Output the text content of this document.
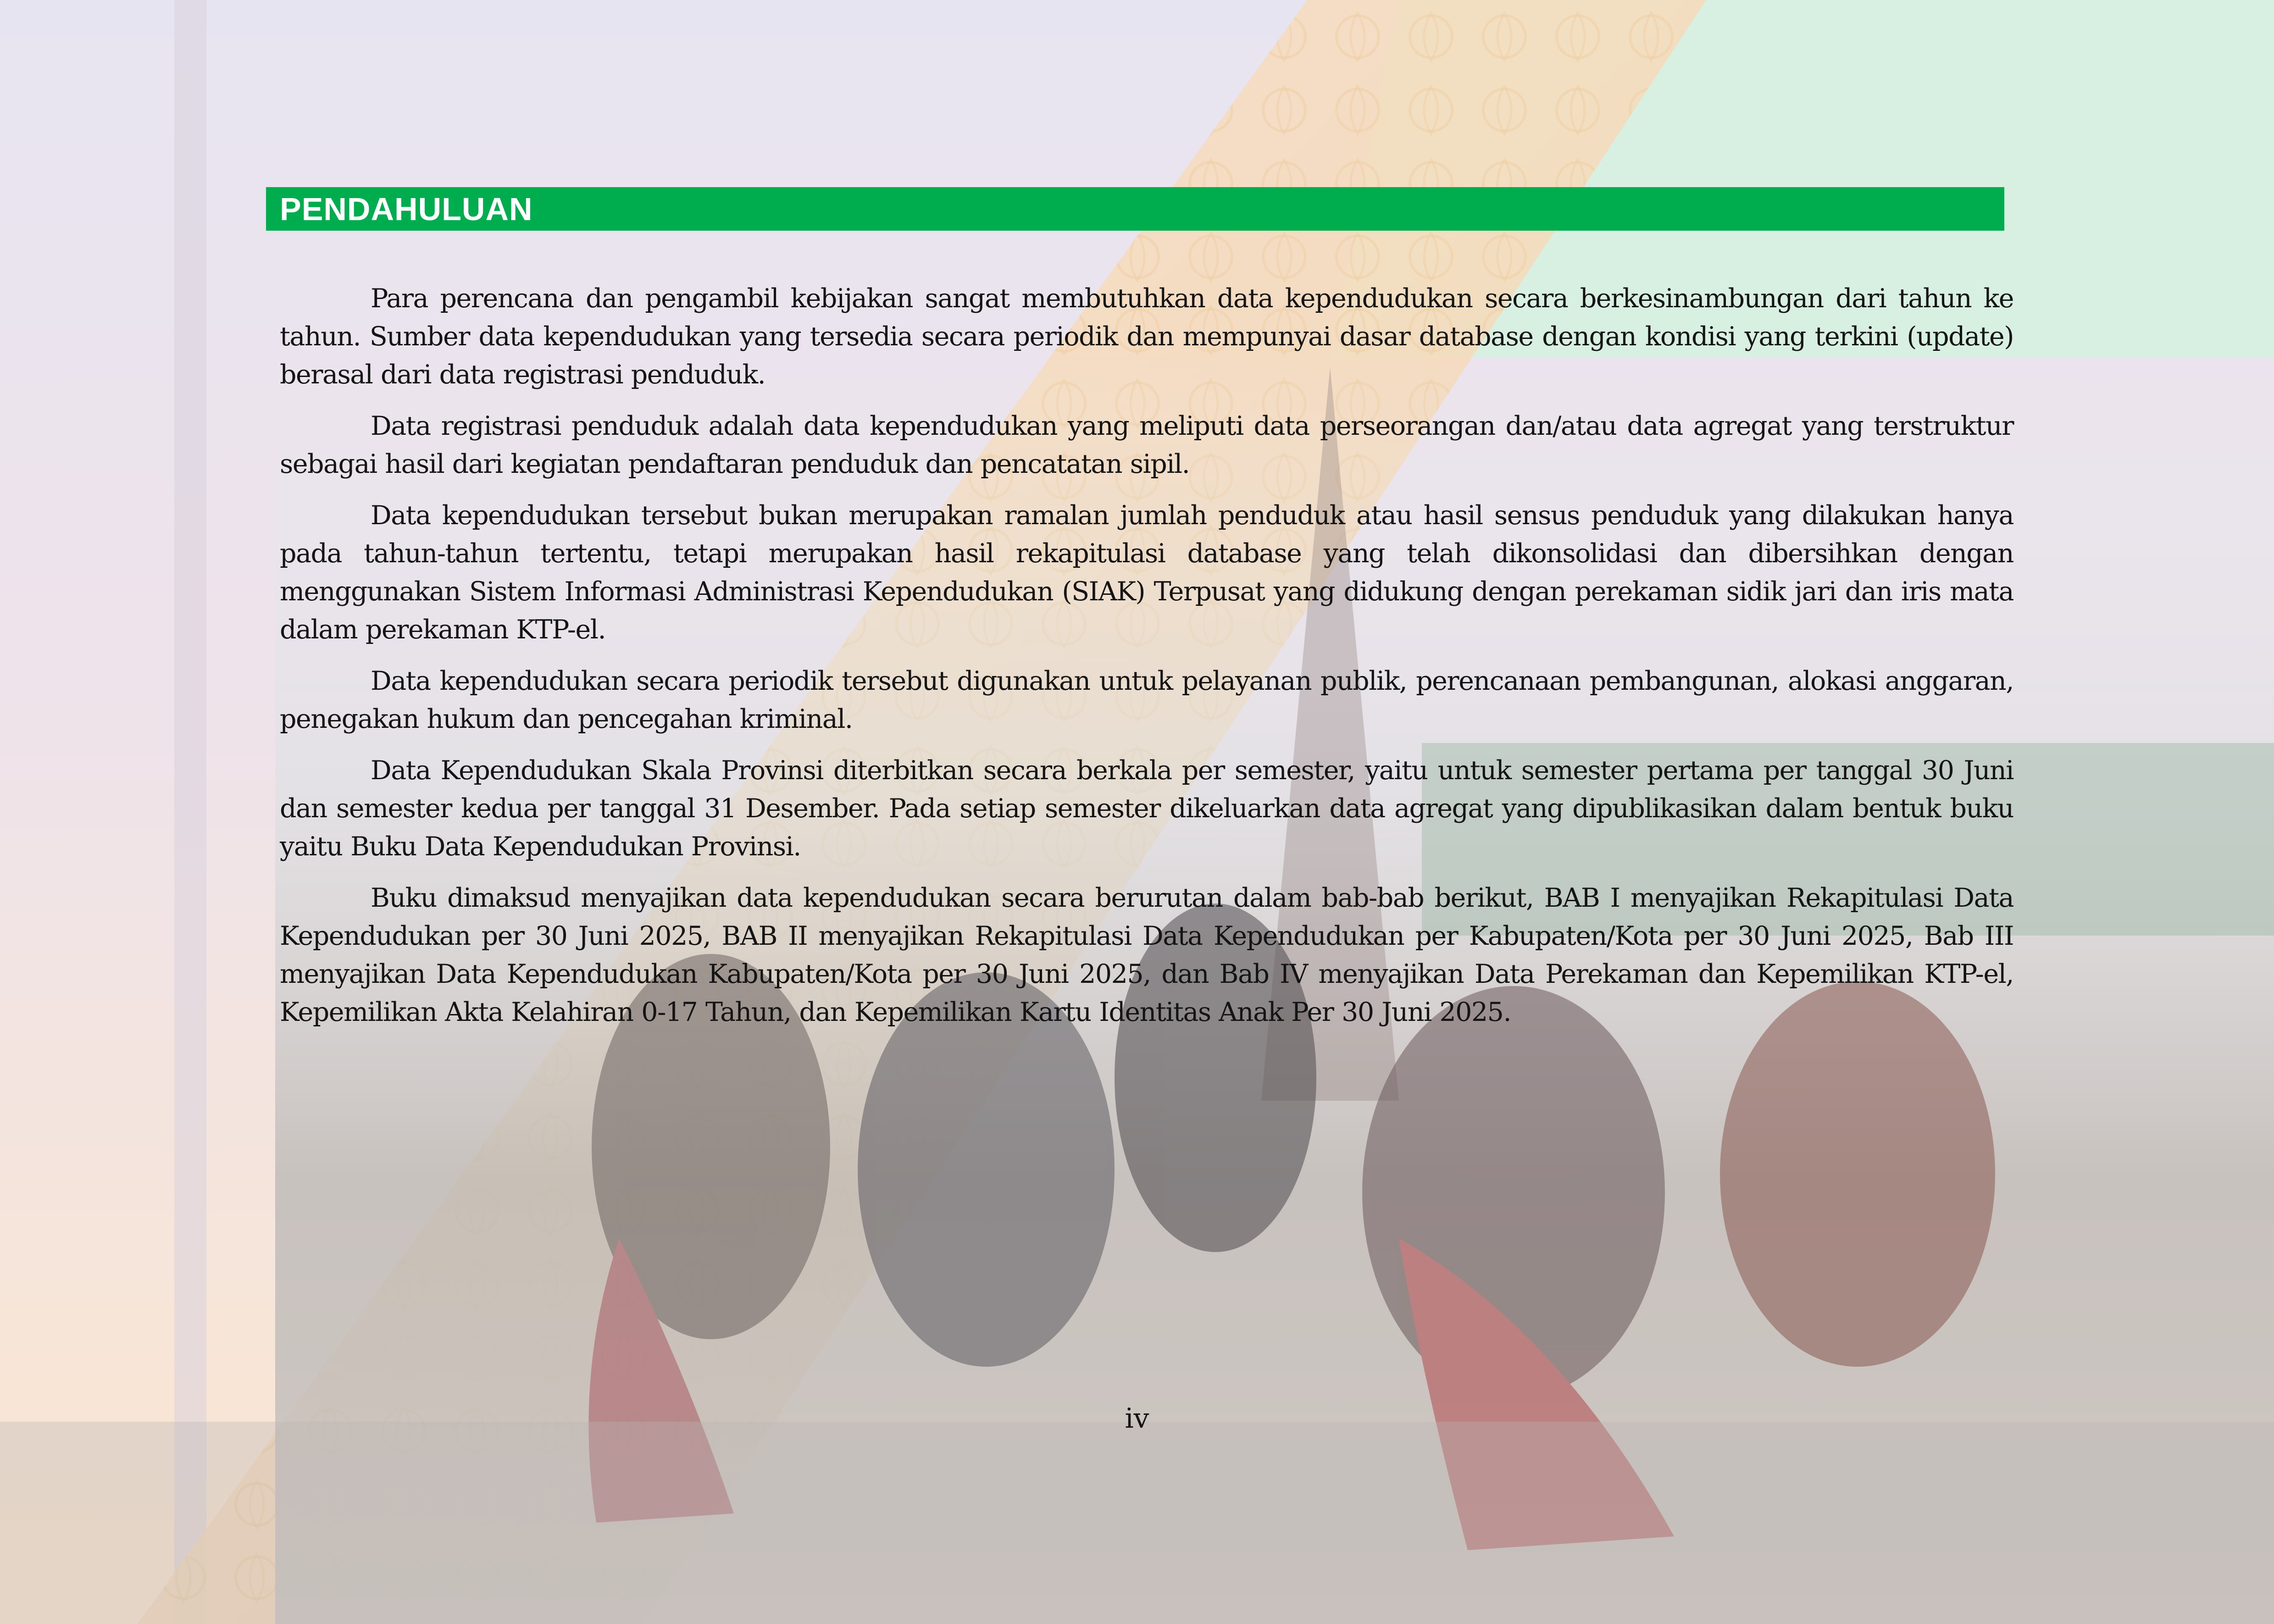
PENDAHULUAN

Para perencana dan pengambil kebijakan sangat membutuhkan data kependudukan secara berkesinambungan dari tahun ke tahun. Sumber data kependudukan yang tersedia secara periodik dan mempunyai dasar database dengan kondisi yang terkini (update) berasal dari data registrasi penduduk.

Data registrasi penduduk adalah data kependudukan yang meliputi data perseorangan dan/atau data agregat yang terstruktur sebagai hasil dari kegiatan pendaftaran penduduk dan pencatatan sipil.

Data kependudukan tersebut bukan merupakan ramalan jumlah penduduk atau hasil sensus penduduk yang dilakukan hanya pada tahun-tahun tertentu, tetapi merupakan hasil rekapitulasi database yang telah dikonsolidasi dan dibersihkan dengan menggunakan Sistem Informasi Administrasi Kependudukan (SIAK) Terpusat yang didukung dengan perekaman sidik jari dan iris mata dalam perekaman KTP-el.

Data kependudukan secara periodik tersebut digunakan untuk pelayanan publik, perencanaan pembangunan, alokasi anggaran, penegakan hukum dan pencegahan kriminal.

Data Kependudukan Skala Provinsi diterbitkan secara berkala per semester, yaitu untuk semester pertama per tanggal 30 Juni dan semester kedua per tanggal 31 Desember. Pada setiap semester dikeluarkan data agregat yang dipublikasikan dalam bentuk buku yaitu Buku Data Kependudukan Provinsi.

Buku dimaksud menyajikan data kependudukan secara berurutan dalam bab-bab berikut, BAB I menyajikan Rekapitulasi Data Kependudukan per 30 Juni 2025, BAB II menyajikan Rekapitulasi Data Kependudukan per Kabupaten/Kota per 30 Juni 2025, Bab III menyajikan Data Kependudukan Kabupaten/Kota per 30 Juni 2025, dan Bab IV menyajikan Data Perekaman dan Kepemilikan KTP-el, Kepemilikan Akta Kelahiran 0-17 Tahun, dan Kepemilikan Kartu Identitas Anak Per 30 Juni 2025.

iv
